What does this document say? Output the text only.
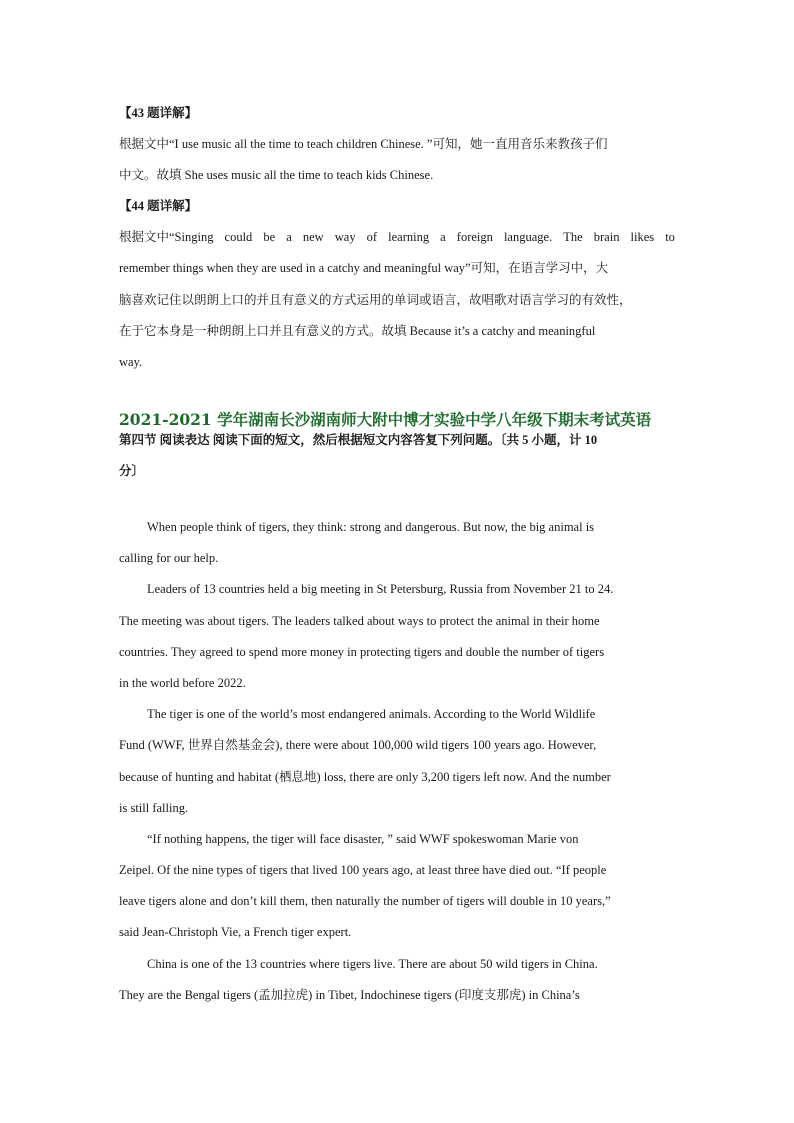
【43 题详解】
根据文中“I use music all the time to teach children Chinese. ”可知，她一直用音乐来教孩子们
中文。故填 She uses music all the time to teach kids Chinese.
【44 题详解】
根据文中“Singing could be a new way of learning a foreign language. The brain likes to
remember things when they are used in a catchy and meaningful way”可知，在语言学习中，大
脑喜欢记住以朗朗上口的并且有意义的方式运用的单词或语言，故唱歌对语言学习的有效性，
在于它本身是一种朗朗上口并且有意义的方式。故填 Because it’s a catchy and meaningful
way.
2021-2021 学年湖南长沙湖南师大附中博才实验中学八年级下期末考试英语
第四节 阅读表达 阅读下面的短文，然后根据短文内容答复下列问题。〔共 5 小题，计 10
分〕
When people think of tigers, they think: strong and dangerous. But now, the big animal is
calling for our help.
Leaders of 13 countries held a big meeting in St Petersburg, Russia from November 21 to 24.
The meeting was about tigers. The leaders talked about ways to protect the animal in their home
countries. They agreed to spend more money in protecting tigers and double the number of tigers
in the world before 2022.
The tiger is one of the world’s most endangered animals. According to the World Wildlife
Fund (WWF, 世界自然基金会), there were about 100,000 wild tigers 100 years ago. However,
because of hunting and habitat (栖息地) loss, there are only 3,200 tigers left now. And the number
is still falling.
“If nothing happens, the tiger will face disaster, ” said WWF spokeswoman Marie von
Zeipel. Of the nine types of tigers that lived 100 years ago, at least three have died out. “If people
leave tigers alone and don’t kill them, then naturally the number of tigers will double in 10 years,”
said Jean-Christoph Vie, a French tiger expert.
China is one of the 13 countries where tigers live. There are about 50 wild tigers in China.
They are the Bengal tigers (孟加拉虎) in Tibet, Indochinese tigers (印度支那虎) in China’s
